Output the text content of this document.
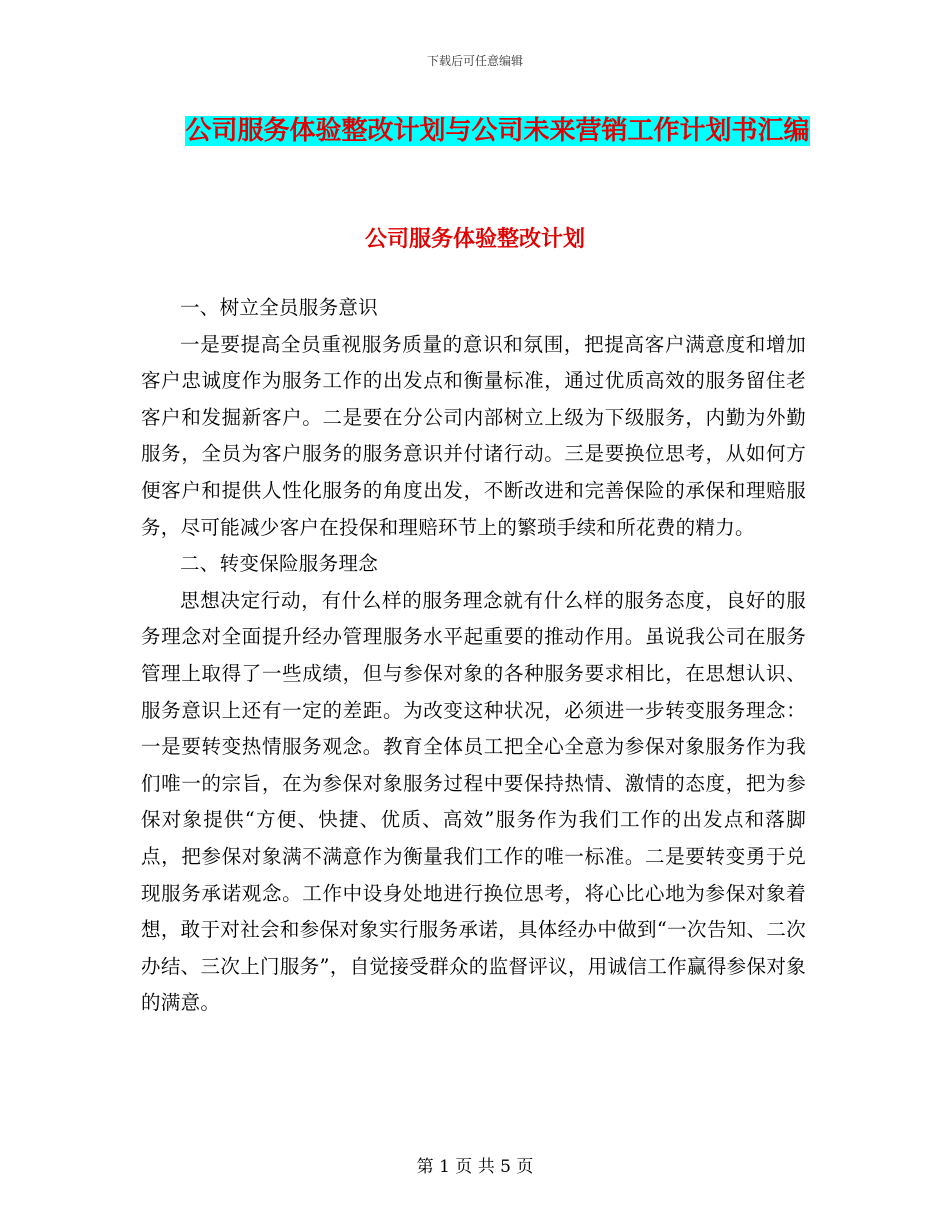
下载后可任意编辑
公司服务体验整改计划与公司未来营销工作计划书汇编
公司服务体验整改计划

一、树立全员服务意识

一是要提高全员重视服务质量的意识和氛围，把提高客户满意度和增加客户忠诚度作为服务工作的出发点和衡量标准，通过优质高效的服务留住老客户和发掘新客户。二是要在分公司内部树立上级为下级服务，内勤为外勤服务，全员为客户服务的服务意识并付诸行动。三是要换位思考，从如何方便客户和提供人性化服务的角度出发，不断改进和完善保险的承保和理赔服务，尽可能减少客户在投保和理赔环节上的繁琐手续和所花费的精力。

二、转变保险服务理念

思想决定行动，有什么样的服务理念就有什么样的服务态度，良好的服务理念对全面提升经办管理服务水平起重要的推动作用。虽说我公司在服务管理上取得了一些成绩，但与参保对象的各种服务要求相比，在思想认识、服务意识上还有一定的差距。为改变这种状况，必须进一步转变服务理念：一是要转变热情服务观念。教育全体员工把全心全意为参保对象服务作为我们唯一的宗旨，在为参保对象服务过程中要保持热情、激情的态度，把为参保对象提供“方便、快捷、优质、高效”服务作为我们工作的出发点和落脚点，把参保对象满不满意作为衡量我们工作的唯一标准。二是要转变勇于兑现服务承诺观念。工作中设身处地进行换位思考，将心比心地为参保对象着想，敢于对社会和参保对象实行服务承诺，具体经办中做到“一次告知、二次办结、三次上门服务”，自觉接受群众的监督评议，用诚信工作赢得参保对象的满意。

第 1 页 共 5 页
